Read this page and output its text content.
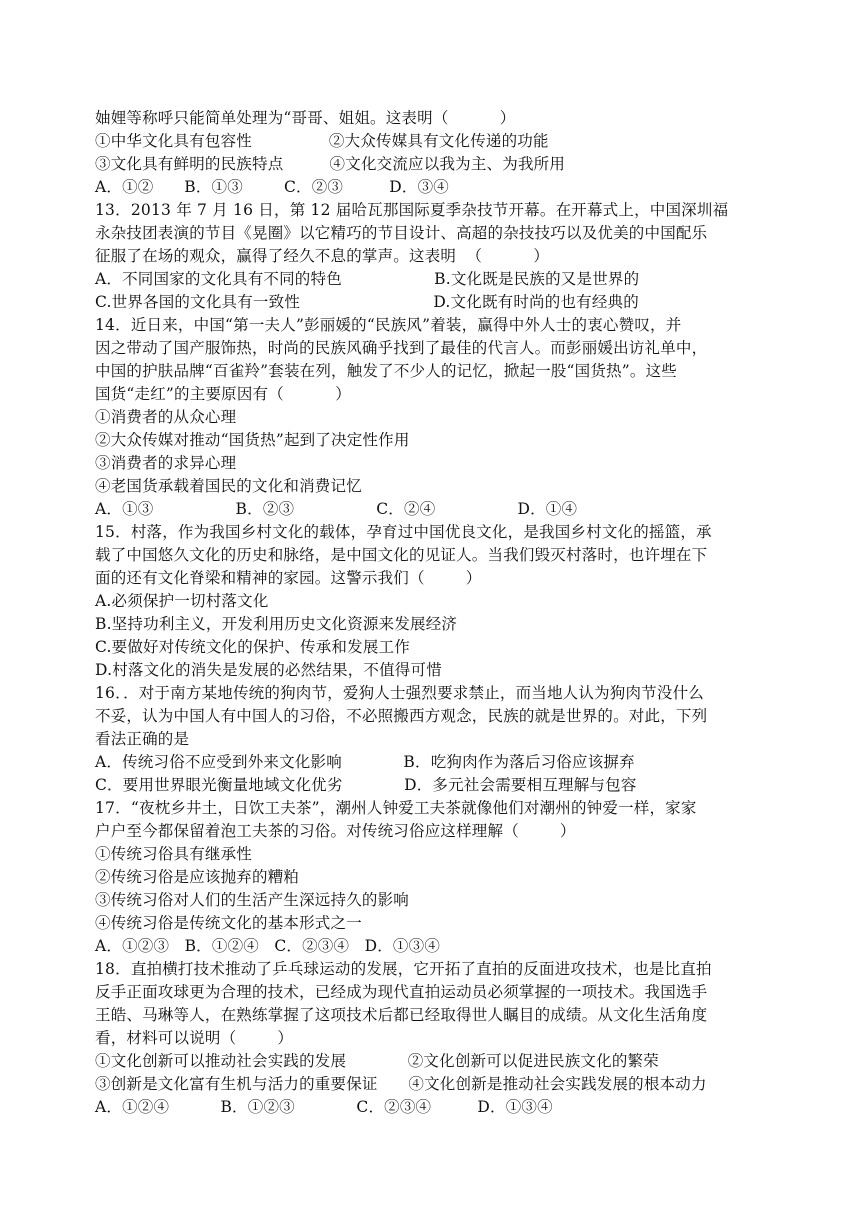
妯娌等称呼只能简单处理为“哥哥、姐姐。这表明（          ）
①中华文化具有包容性               ②大众传媒具有文化传递的功能
③文化具有鲜明的民族特点         ④文化交流应以我为主、为我所用
A．①②      B．①③        C．②③         D．③④
13．2013 年 7 月 16 日，第 12 届哈瓦那国际夏季杂技节开幕。在开幕式上，中国深圳福
永杂技团表演的节目《晃圈》以它精巧的节目设计、高超的杂技技巧以及优美的中国配乐
征服了在场的观众，赢得了经久不息的掌声。这表明  （          ）
A．不同国家的文化具有不同的特色                  B.文化既是民族的又是世界的
C.世界各国的文化具有一致性                          D.文化既有时尚的也有经典的
14．近日来，中国“第一夫人”彭丽媛的“民族风”着装，赢得中外人士的衷心赞叹，并
因之带动了国产服饰热，时尚的民族风确乎找到了最佳的代言人。而彭丽媛出访礼单中，
中国的护肤品牌“百雀羚”套装在列，触发了不少人的记忆，掀起一股“国货热”。这些
国货“走红”的主要原因有（          ）
①消费者的从众心理
②大众传媒对推动“国货热”起到了决定性作用
③消费者的求异心理
④老国货承载着国民的文化和消费记忆
A．①③                B．②③                C．②④                D．①④
15．村落，作为我国乡村文化的载体，孕育过中国优良文化，是我国乡村文化的摇篮，承
载了中国悠久文化的历史和脉络，是中国文化的见证人。当我们毁灭村落时，也许埋在下
面的还有文化脊梁和精神的家园。这警示我们（        ）
A.必须保护一切村落文化
B.坚持功利主义，开发利用历史文化资源来发展经济
C.要做好对传统文化的保护、传承和发展工作
D.村落文化的消失是发展的必然结果，不值得可惜
16．．对于南方某地传统的狗肉节，爱狗人士强烈要求禁止，而当地人认为狗肉节没什么
不妥，认为中国人有中国人的习俗，不必照搬西方观念，民族的就是世界的。对此，下列
看法正确的是
A．传统习俗不应受到外来文化影响            B．吃狗肉作为落后习俗应该摒弃
C．要用世界眼光衡量地域文化优劣            D．多元社会需要相互理解与包容
17．“夜枕乡井土，日饮工夫茶”，潮州人钟爱工夫茶就像他们对潮州的钟爱一样，家家
户户至今都保留着泡工夫茶的习俗。对传统习俗应这样理解（        ）
①传统习俗具有继承性
②传统习俗是应该抛弃的糟粕
③传统习俗对人们的生活产生深远持久的影响
④传统习俗是传统文化的基本形式之一
A．①②③   B．①②④   C．②③④   D．①③④
18．直拍横打技术推动了乒乓球运动的发展，它开拓了直拍的反面进攻技术，也是比直拍
反手正面攻球更为合理的技术，已经成为现代直拍运动员必须掌握的一项技术。我国选手
王皓、马琳等人，在熟练掌握了这项技术后都已经取得世人瞩目的成绩。从文化生活角度
看，材料可以说明（        ）
①文化创新可以推动社会实践的发展            ②文化创新可以促进民族文化的繁荣
③创新是文化富有生机与活力的重要保证      ④文化创新是推动社会实践发展的根本动力
A．①②④          B．①②③            C．②③④         D．①③④
